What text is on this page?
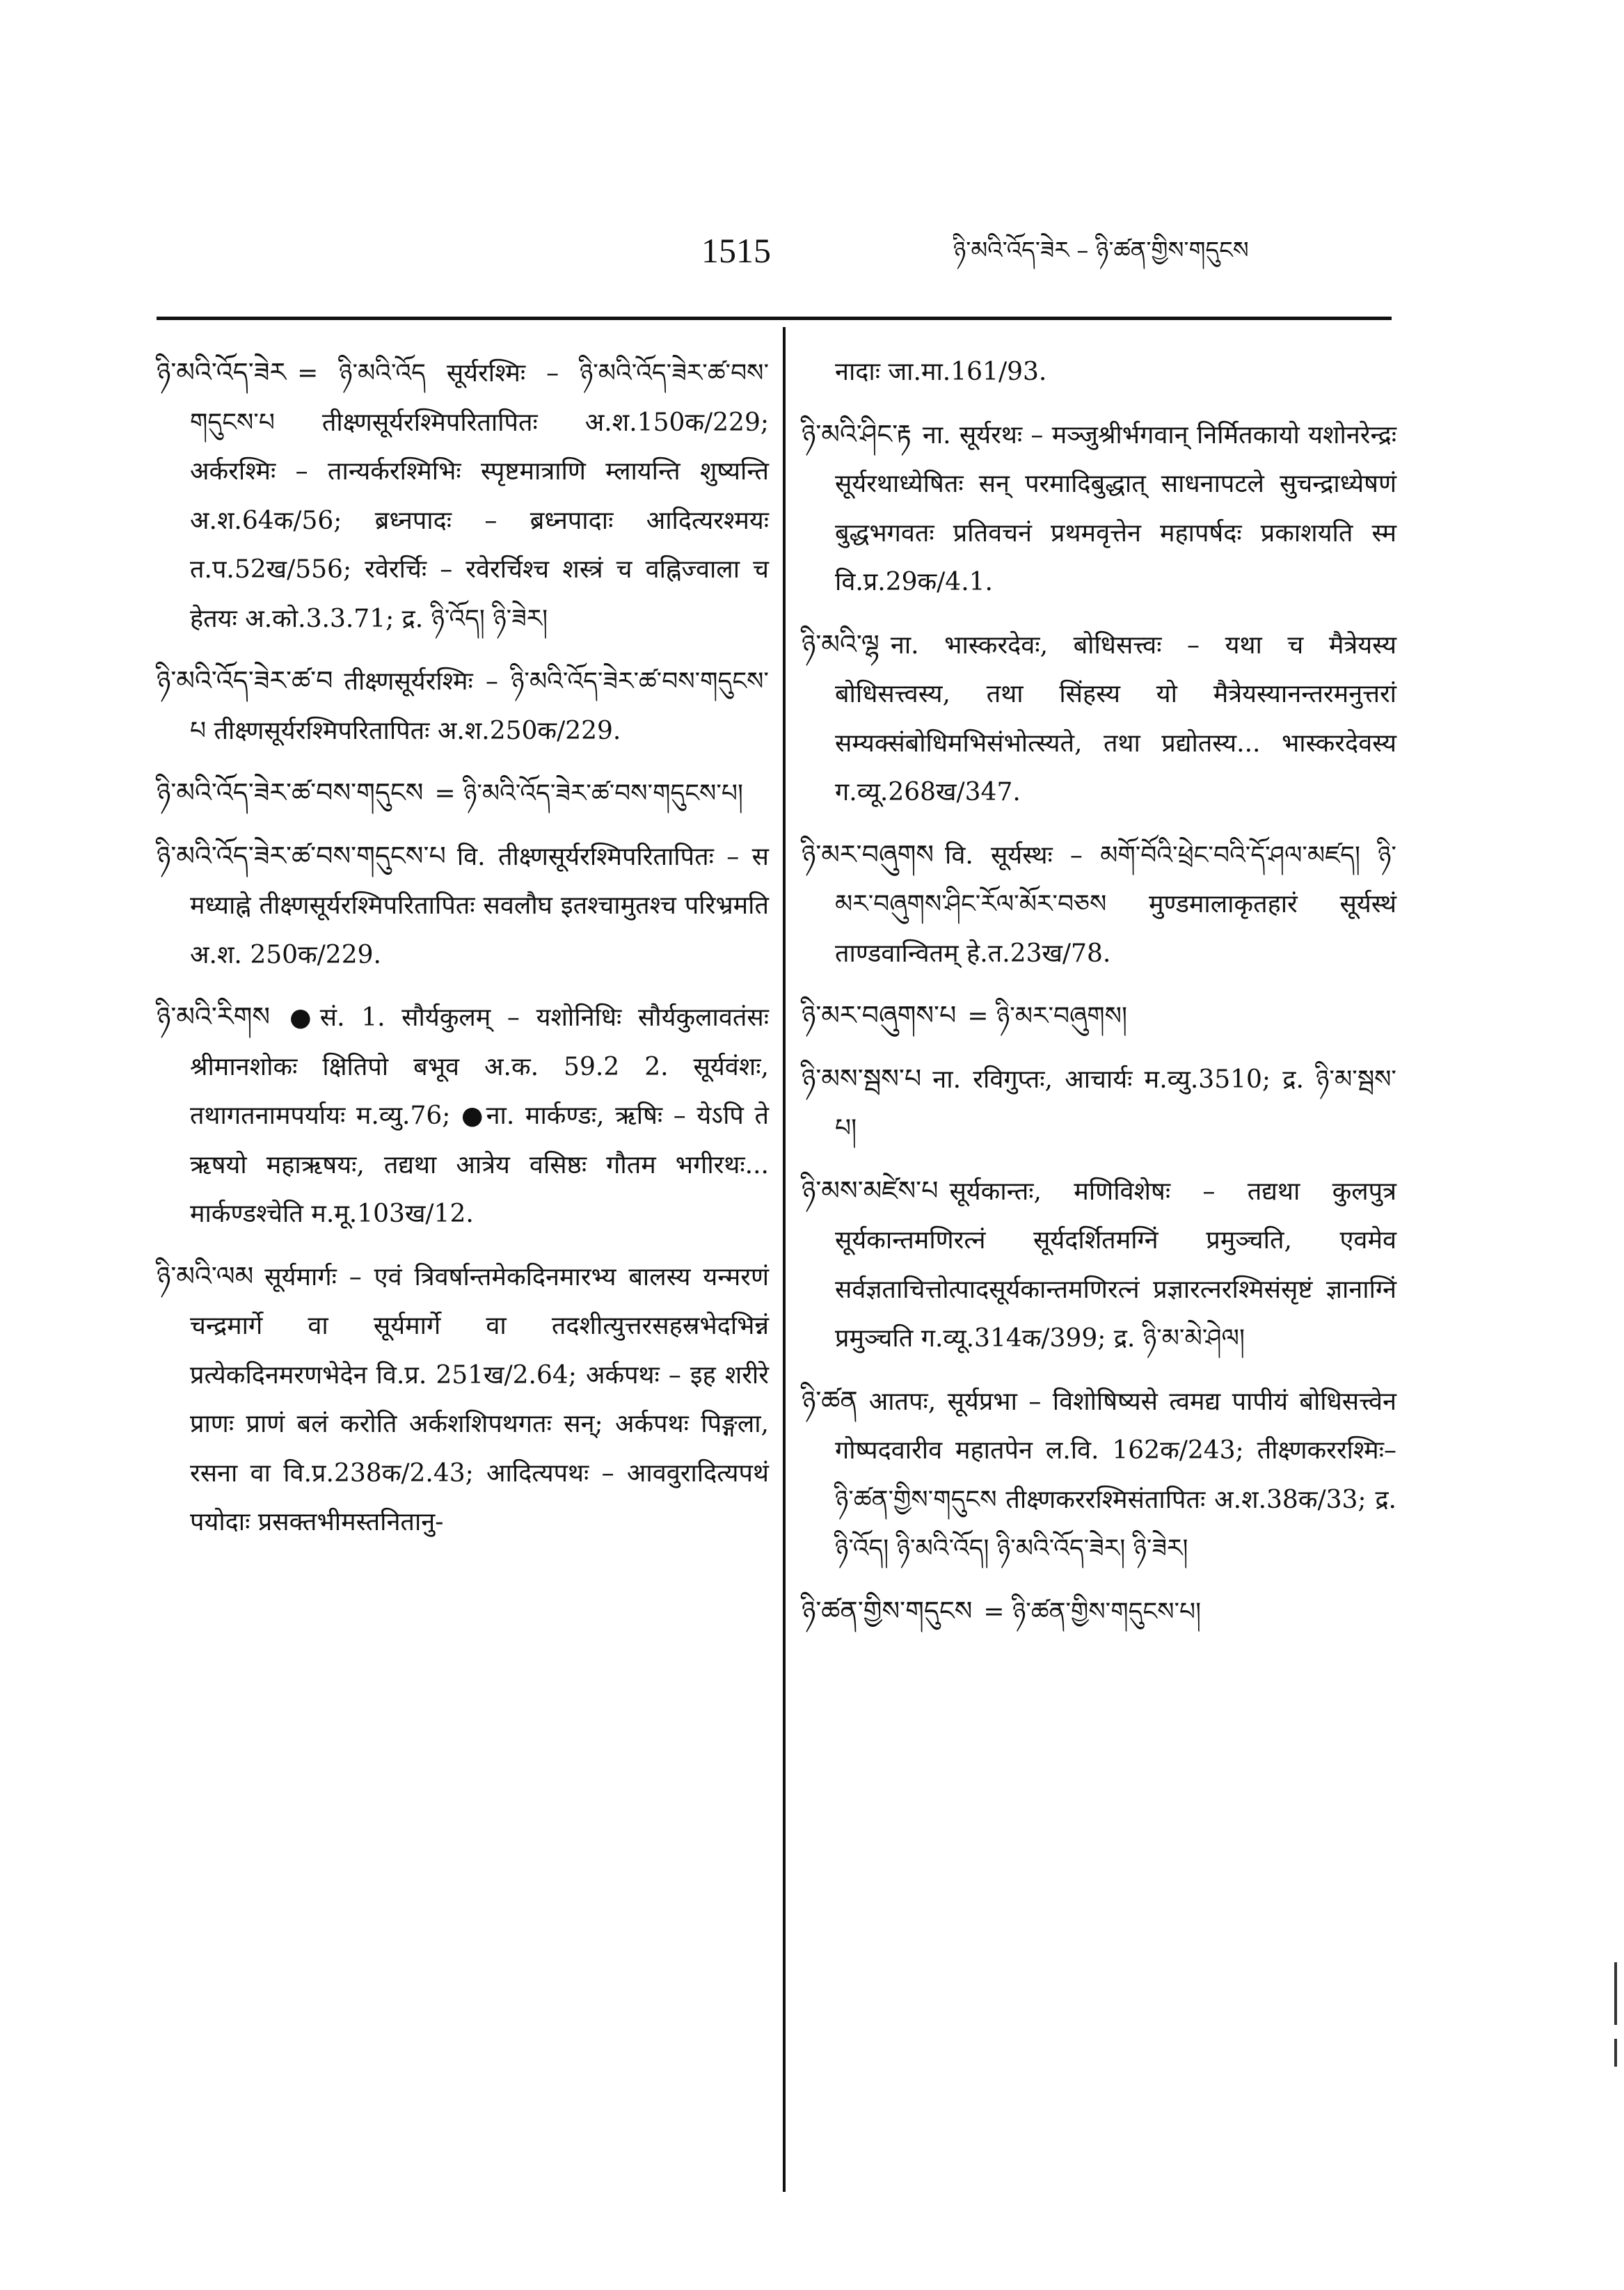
1515	ཉི་མའི་འོད་ཟེར – ཉི་ཚན་གྱིས་གདུངས

ཉི་མའི་འོད་ཟེར = ཉི་མའི་འོད सूर्यरश्मिः – ཉི་མའི་འོད་ཟེར་ཚ་བས་གདུངས་པ तीक्ष्णसूर्यरश्मिपरितापितः अ.श.150क/229; अर्करश्मिः – तान्यर्करश्मिभिः स्पृष्टमात्राणि म्लायन्ति शुष्यन्ति अ.श.64क/56; ब्रध्नपादः – ब्रध्नपादाः आदित्यरश्मयः त.प.52ख/556; रवेरर्चिः – रवेरर्चिश्च शस्त्रं च वह्निज्वाला च हेतयः अ.को.3.3.71; द्र. ཉི་འོད། ཉི་ཟེར།

ཉི་མའི་འོད་ཟེར་ཚ་བ तीक्ष्णसूर्यरश्मिः – ཉི་མའི་འོད་ཟེར་ཚ་བས་གདུངས་པ तीक्ष्णसूर्यरश्मिपरितापितः अ.श.250क/229.

ཉི་མའི་འོད་ཟེར་ཚ་བས་གདུངས = ཉི་མའི་འོད་ཟེར་ཚ་བས་གདུངས་པ།

ཉི་མའི་འོད་ཟེར་ཚ་བས་གདུངས་པ वि. तीक्ष्णसूर्यरश्मिपरितापितः – स मध्याह्ने तीक्ष्णसूर्यरश्मिपरितापितः सवलौघ इतश्चामुतश्च परिभ्रमति अ.श. 250क/229.

ཉི་མའི་རིགས ●सं. 1. सौर्यकुलम् – यशोनिधिः सौर्यकुलावतंसः श्रीमानशोकः क्षितिपो बभूव अ.क. 59.2 2. सूर्यवंशः, तथागतनामपर्यायः म.व्यु.76; ●ना. मार्कण्डः, ऋषिः – येऽपि ते ऋषयो महाऋषयः, तद्यथा आत्रेय वसिष्ठः गौतम भगीरथः... मार्कण्डश्चेति म.मू.103ख/12.

ཉི་མའི་ལམ सूर्यमार्गः – एवं त्रिवर्षान्तमेकदिनमारभ्य बालस्य यन्मरणं चन्द्रमार्गे वा सूर्यमार्गे वा तदशीत्युत्तरसहस्रभेदभिन्नं प्रत्येकदिनमरणभेदेन वि.प्र. 251ख/2.64; अर्कपथः – इह शरीरे प्राणः प्राणं बलं करोति अर्कशशिपथगतः सन्; अर्कपथः पिङ्गला, रसना वा वि.प्र.238क/2.43; आदित्यपथः – आववुरादित्यपथं पयोदाः प्रसक्तभीमस्तनितानु-

नादाः जा.मा.161/93.

ཉི་མའི་ཤིང་རྟ ना. सूर्यरथः – मञ्जुश्रीर्भगवान् निर्मितकायो यशोनरेन्द्रः सूर्यरथाध्येषितः सन् परमादिबुद्धात् साधनापटले सुचन्द्राध्येषणं बुद्धभगवतः प्रतिवचनं प्रथमवृत्तेन महापर्षदः प्रकाशयति स्म वि.प्र.29क/4.1.

ཉི་མའི་ལྷ ना. भास्करदेवः, बोधिसत्त्वः – यथा च मैत्रेयस्य बोधिसत्त्वस्य, तथा सिंहस्य यो मैत्रेयस्यानन्तरमनुत्तरां सम्यक्संबोधिमभिसंभोत्स्यते, तथा प्रद्योतस्य... भास्करदेवस्य ग.व्यू.268ख/347.

ཉི་མར་བཞུགས वि. सूर्यस्थः – མགོ་བོའི་ཕྲེང་བའི་དོ་ཤལ་མཛད། ཉི་མར་བཞུགས་ཤིང་རོལ་མོར་བཅས मुण्डमालाकृतहारं सूर्यस्थं ताण्डवान्वितम् हे.त.23ख/78.

ཉི་མར་བཞུགས་པ = ཉི་མར་བཞུགས།

ཉི་མས་སྦས་པ ना. रविगुप्तः, आचार्यः म.व्यु.3510; द्र. ཉི་མ་སྦས་པ།

ཉི་མས་མཛེས་པ सूर्यकान्तः, मणिविशेषः – तद्यथा कुलपुत्र सूर्यकान्तमणिरत्नं सूर्यदर्शितमग्निं प्रमुञ्चति, एवमेव सर्वज्ञताचित्तोत्पादसूर्यकान्तमणिरत्नं प्रज्ञारत्नरश्मिसंसृष्टं ज्ञानाग्निं प्रमुञ्चति ग.व्यू.314क/399; द्र. ཉི་མ་མེ་ཤེལ།

ཉི་ཚན आतपः, सूर्यप्रभा – विशोषिष्यसे त्वमद्य पापीयं बोधिसत्त्वेन गोष्पदवारीव महातपेन ल.वि. 162क/243; तीक्ष्णकररश्मिः– ཉི་ཚན་གྱིས་གདུངས तीक्ष्णकररश्मिसंतापितः अ.श.38क/33; द्र. ཉི་འོད། ཉི་མའི་འོད། ཉི་མའི་འོད་ཟེར། ཉི་ཟེར།

ཉི་ཚན་གྱིས་གདུངས = ཉི་ཚན་གྱིས་གདུངས་པ།
